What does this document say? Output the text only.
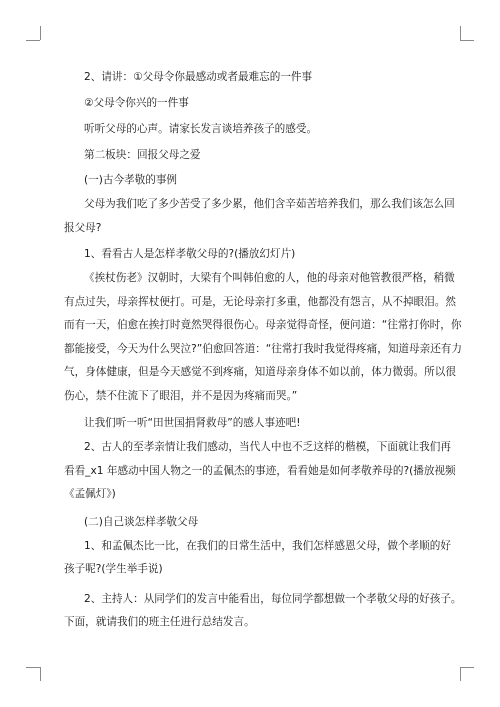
2、请讲：①父母令你最感动或者最难忘的一件事

②父母令你兴的一件事

听听父母的心声。请家长发言谈培养孩子的感受。

第二板块：回报父母之爱

(一)古今孝敬的事例

父母为我们吃了多少苦受了多少累，他们含辛茹苦培养我们，那么我们该怎么回

报父母?

1、看看古人是怎样孝敬父母的?(播放幻灯片)

《挨杖伤老》汉朝时，大梁有个叫韩伯愈的人，他的母亲对他管教很严格，稍微

有点过失，母亲挥杖便打。可是，无论母亲打多重，他都没有怨言，从不掉眼泪。然

而有一天，伯愈在挨打时竟然哭得很伤心。母亲觉得奇怪，便问道：“往常打你时，你

都能接受，今天为什么哭泣?”伯愈回答道：“往常打我时我觉得疼痛，知道母亲还有力

气，身体健康，但是今天感觉不到疼痛，知道母亲身体不如以前，体力微弱。所以很

伤心，禁不住流下了眼泪，并不是因为疼痛而哭。”

让我们听一听“田世国捐肾救母”的感人事迹吧!

2、古人的至孝亲情让我们感动，当代人中也不乏这样的楷模，下面就让我们再

看看_x1 年感动中国人物之一的孟佩杰的事迹，看看她是如何孝敬养母的?(播放视频

《孟佩灯》)

(二)自己谈怎样孝敬父母

1、和孟佩杰比一比，在我们的日常生活中，我们怎样感恩父母，做个孝顺的好

孩子呢?(学生举手说)

2、主持人：从同学们的发言中能看出，每位同学都想做一个孝敬父母的好孩子。

下面，就请我们的班主任进行总结发言。
